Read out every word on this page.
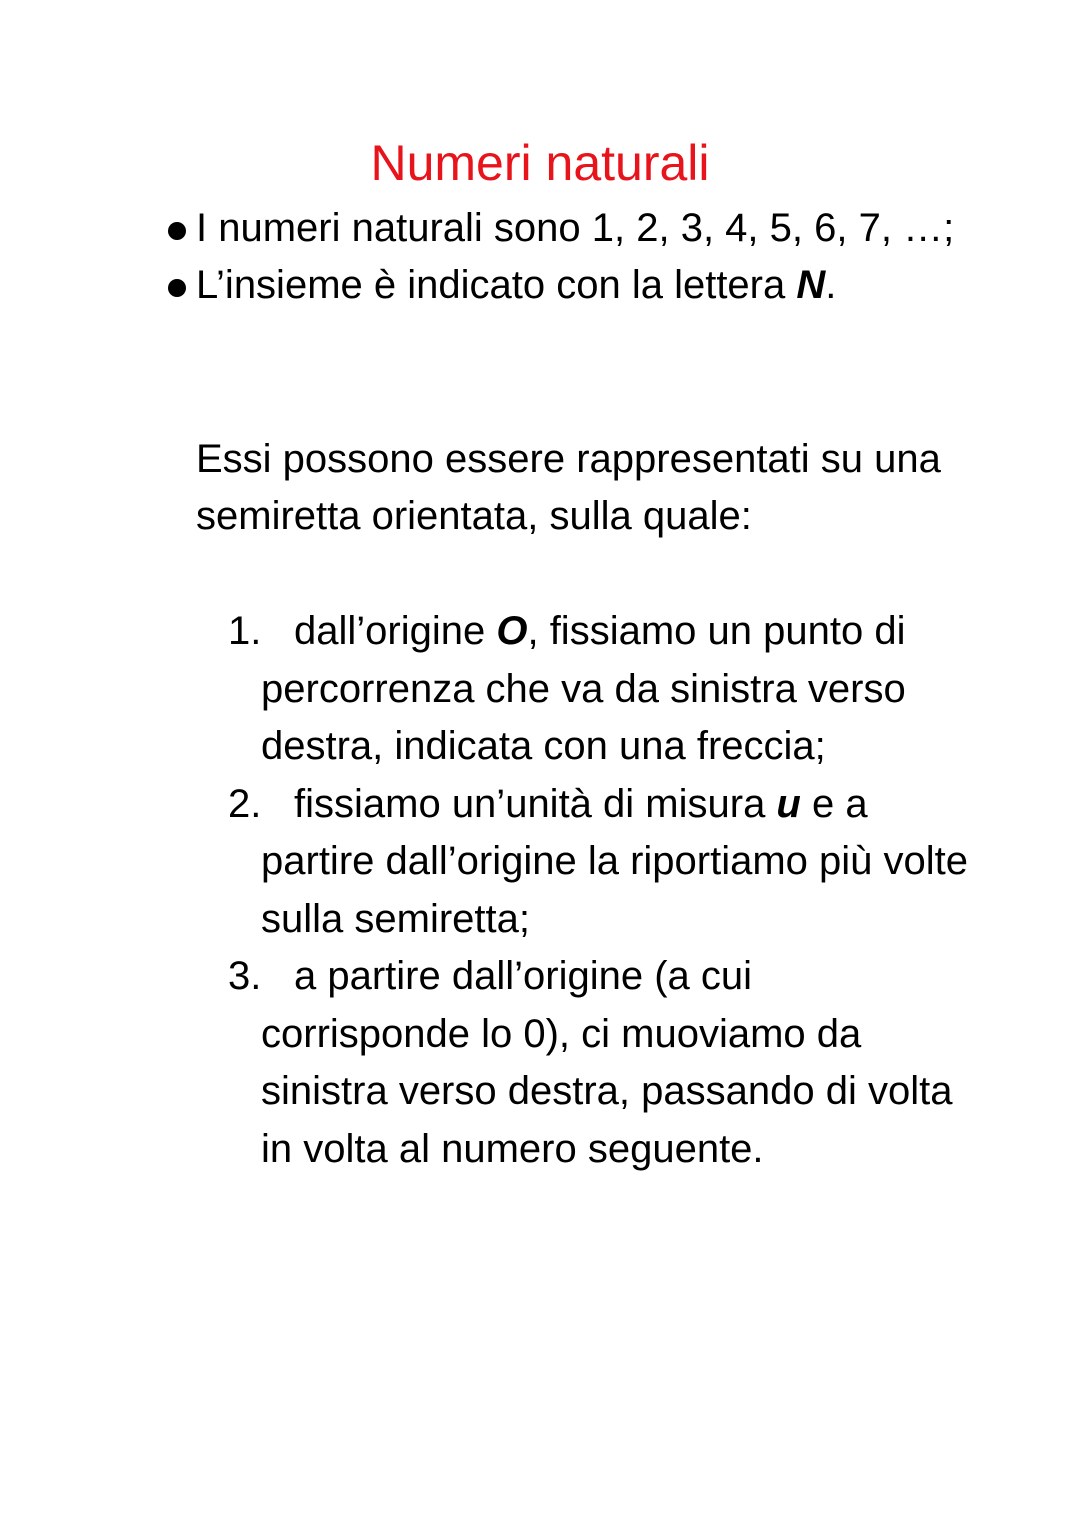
Numeri naturali
I numeri naturali sono 1, 2, 3, 4, 5, 6, 7, …;
L’insieme è indicato con la lettera N.
Essi possono essere rappresentati su una semiretta orientata, sulla quale:
1. dall’origine O, fissiamo un punto di percorrenza che va da sinistra verso destra, indicata con una freccia;
2. fissiamo un’unità di misura u e a partire dall’origine la riportiamo più volte sulla semiretta;
3. a partire dall’origine (a cui corrisponde lo 0), ci muoviamo da sinistra verso destra, passando di volta in volta al numero seguente.
